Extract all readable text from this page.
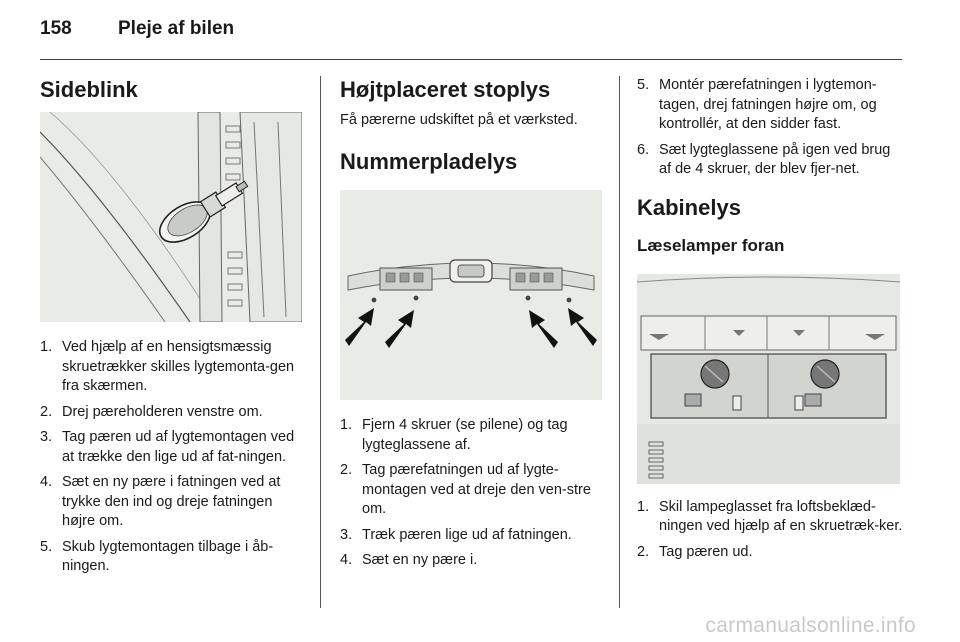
158 Pleje af bilen
Sideblink
1. Ved hjælp af en hensigtsmæssig skruetrækker skilles lygtemonta-gen fra skærmen.
2. Drej pæreholderen venstre om.
3. Tag pæren ud af lygtemontagen ved at trække den lige ud af fat-ningen.
4. Sæt en ny pære i fatningen ved at trykke den ind og dreje fatningen højre om.
5. Skub lygtemontagen tilbage i åb-ningen.
Højtplaceret stoplys

Få pærerne udskiftet på et værksted.

Nummerpladelys
1. Fjern 4 skruer (se pilene) og tag lygteglassene af.
2. Tag pærefatningen ud af lygte-montagen ved at dreje den ven-stre om.
3. Træk pæren lige ud af fatningen.
4. Sæt en ny pære i.
5. Montér pærefatningen i lygtemon-tagen, drej fatningen højre om, og kontrollér, at den sidder fast.
6. Sæt lygteglassene på igen ved brug af de 4 skruer, der blev fjer-net.
Kabinelys
Læselamper foran
1. Skil lampeglasset fra loftsbeklæd-ningen ved hjælp af en skruetræk-ker.
2. Tag pæren ud.
carmanualsonline.info
